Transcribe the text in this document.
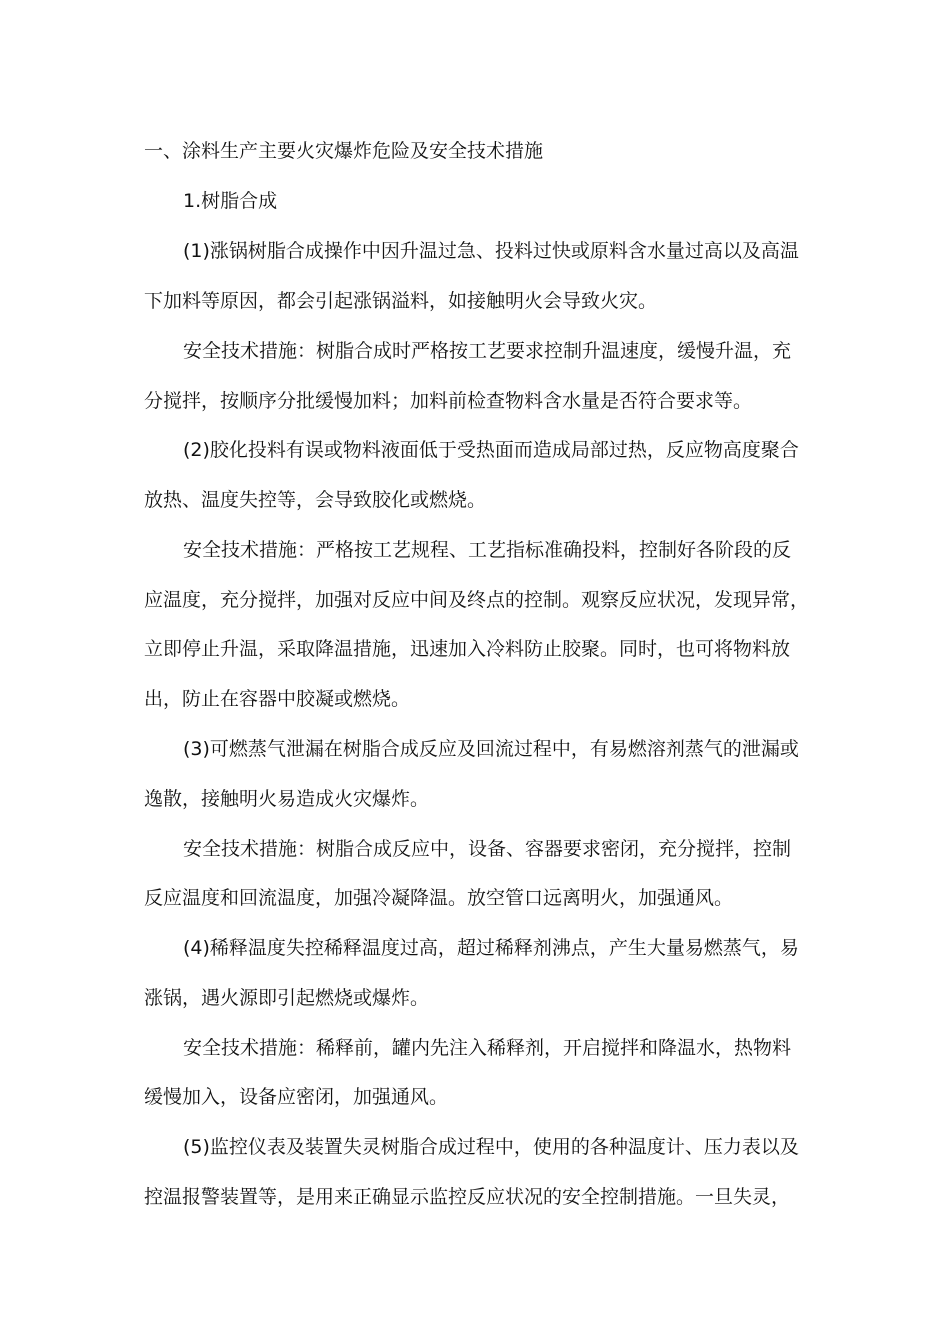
一、涂料生产主要火灾爆炸危险及安全技术措施
1.树脂合成
(1)涨锅树脂合成操作中因升温过急、投料过快或原料含水量过高以及高温
下加料等原因，都会引起涨锅溢料，如接触明火会导致火灾。
安全技术措施：树脂合成时严格按工艺要求控制升温速度，缓慢升温，充
分搅拌，按顺序分批缓慢加料；加料前检查物料含水量是否符合要求等。
(2)胶化投料有误或物料液面低于受热面而造成局部过热，反应物高度聚合
放热、温度失控等，会导致胶化或燃烧。
安全技术措施：严格按工艺规程、工艺指标准确投料，控制好各阶段的反
应温度，充分搅拌，加强对反应中间及终点的控制。观察反应状况，发现异常，
立即停止升温，采取降温措施，迅速加入冷料防止胶聚。同时，也可将物料放
出，防止在容器中胶凝或燃烧。
(3)可燃蒸气泄漏在树脂合成反应及回流过程中，有易燃溶剂蒸气的泄漏或
逸散，接触明火易造成火灾爆炸。
安全技术措施：树脂合成反应中，设备、容器要求密闭，充分搅拌，控制
反应温度和回流温度，加强冷凝降温。放空管口远离明火，加强通风。
(4)稀释温度失控稀释温度过高，超过稀释剂沸点，产生大量易燃蒸气，易
涨锅，遇火源即引起燃烧或爆炸。
安全技术措施：稀释前，罐内先注入稀释剂，开启搅拌和降温水，热物料
缓慢加入，设备应密闭，加强通风。
(5)监控仪表及装置失灵树脂合成过程中，使用的各种温度计、压力表以及
控温报警装置等，是用来正确显示监控反应状况的安全控制措施。一旦失灵，
